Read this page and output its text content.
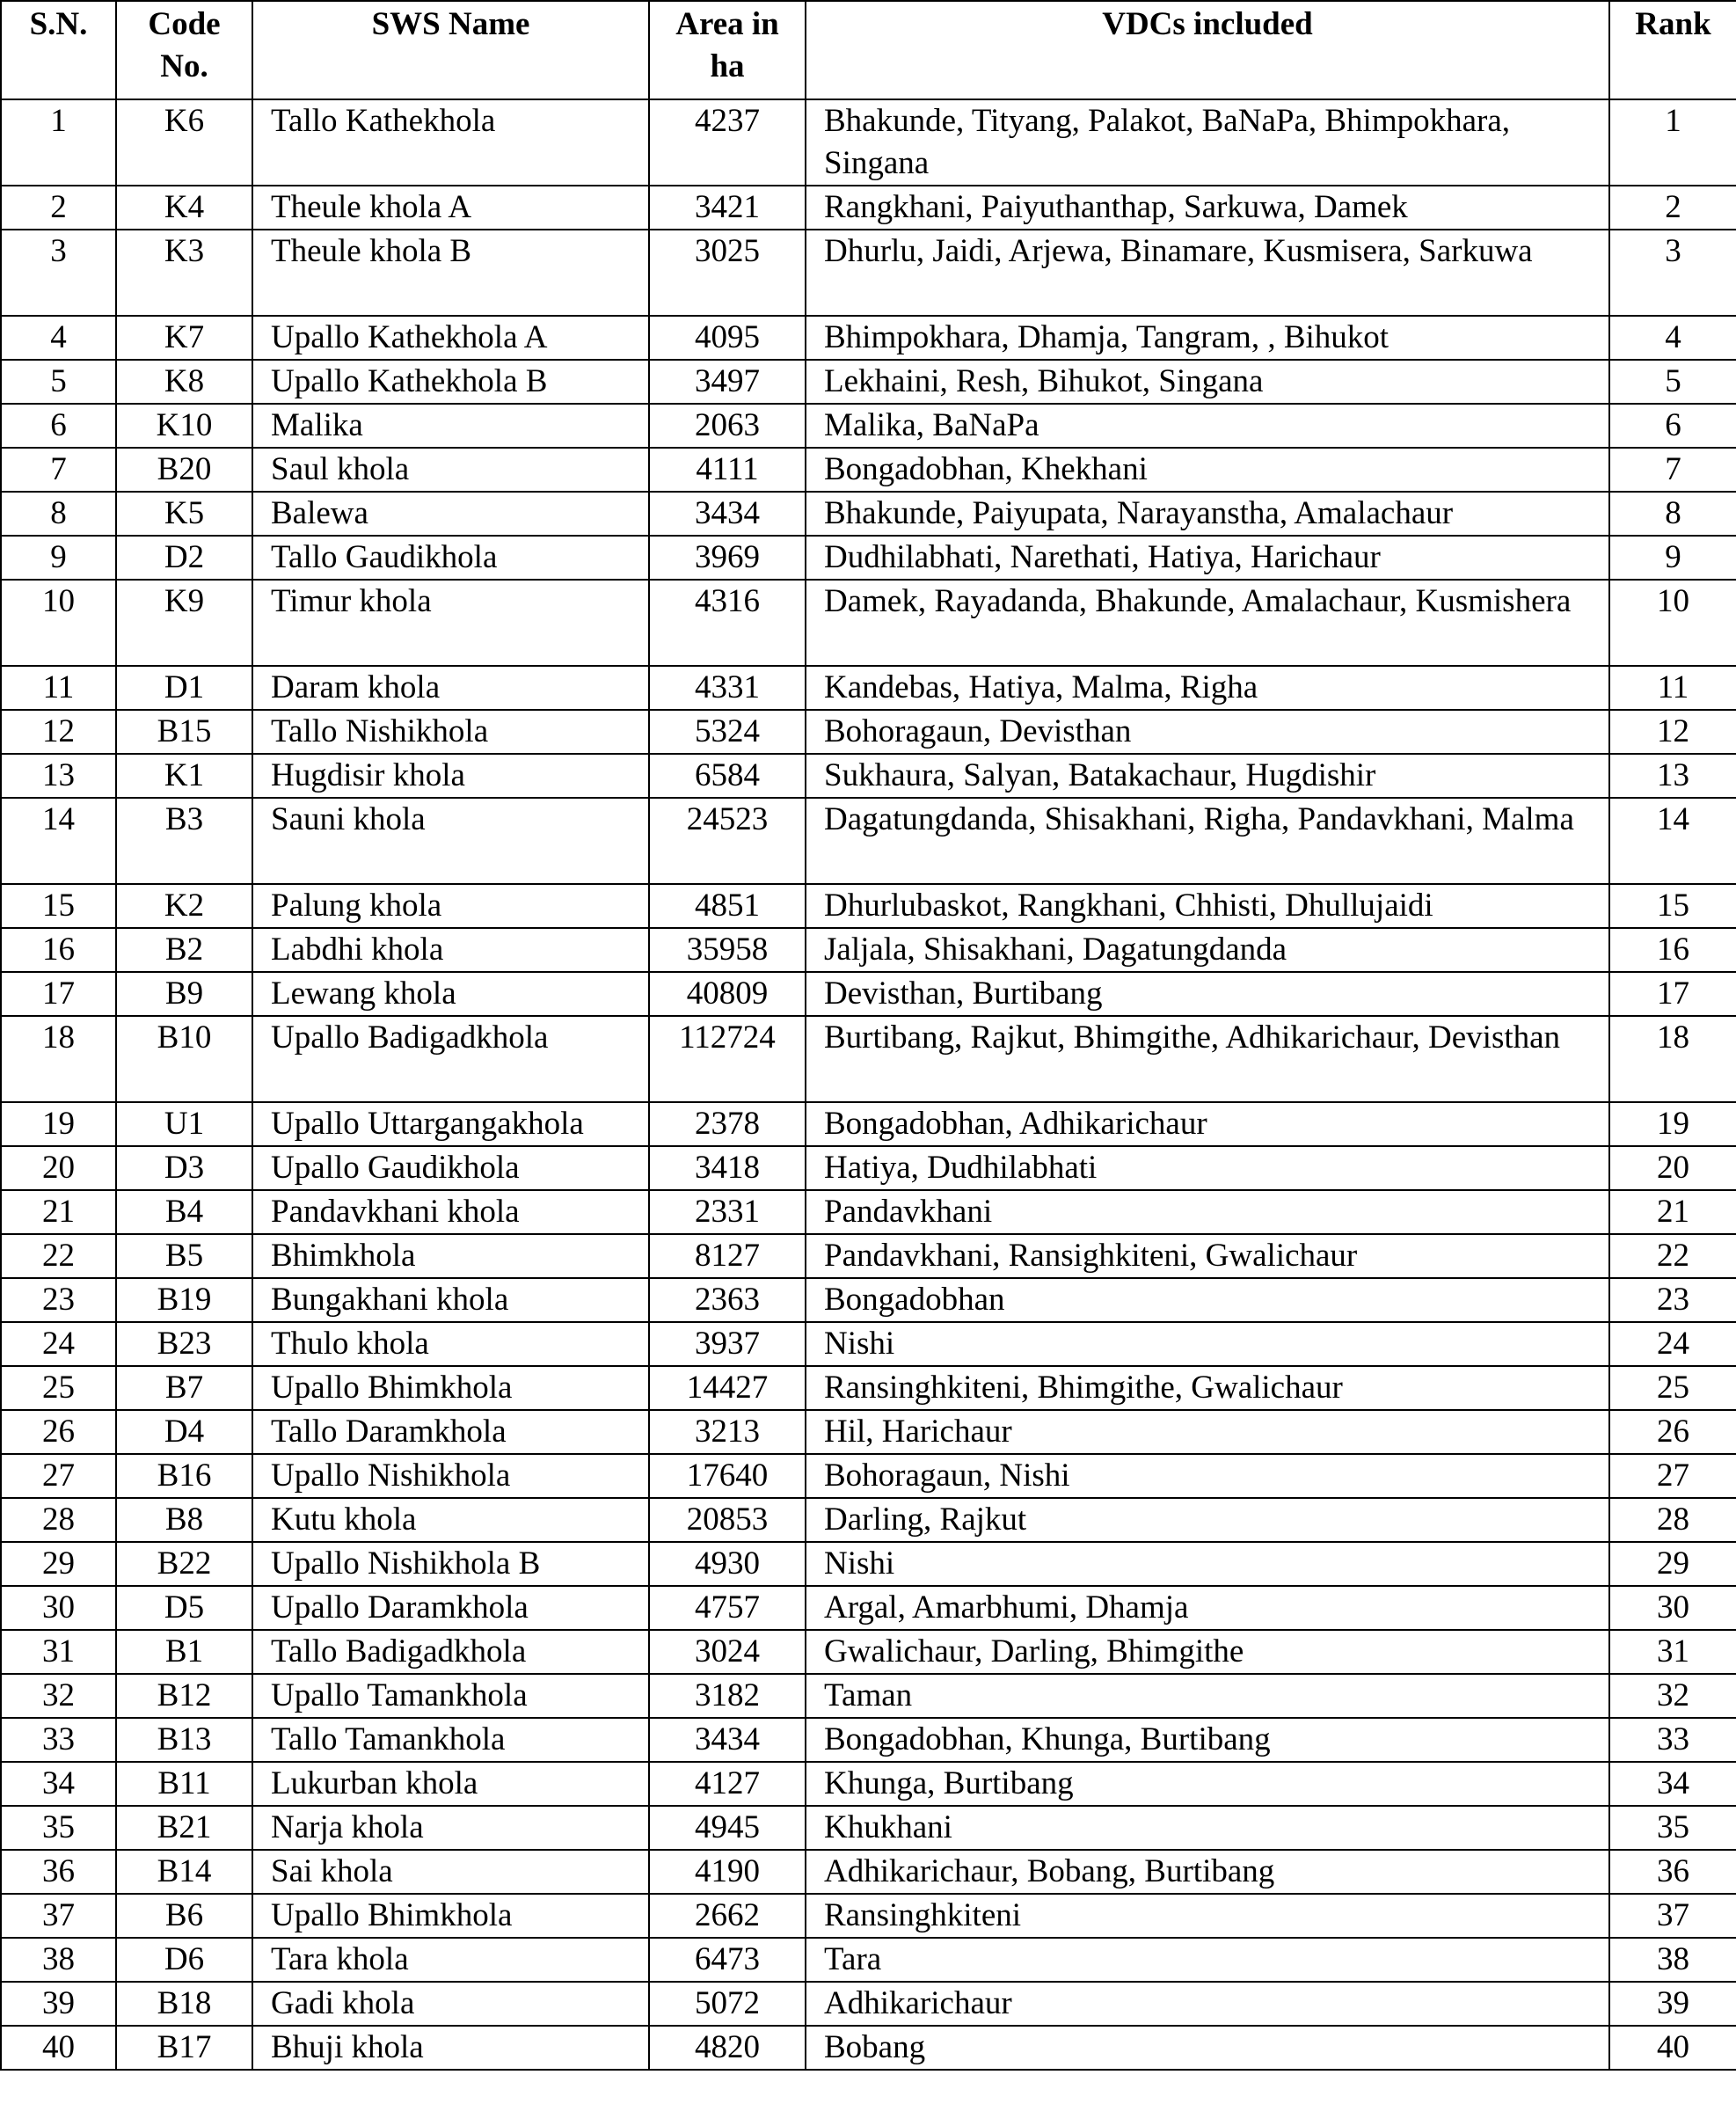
S.N.	Code No.	SWS Name	Area in ha	VDCs included	Rank
1	K6	Tallo Kathekhola	4237	Bhakunde, Tityang, Palakot, BaNaPa, Bhimpokhara, Singana	1
2	K4	Theule khola A	3421	Rangkhani, Paiyuthanthap, Sarkuwa, Damek	2
3	K3	Theule khola B	3025	Dhurlu, Jaidi, Arjewa, Binamare, Kusmisera, Sarkuwa	3
4	K7	Upallo Kathekhola A	4095	Bhimpokhara, Dhamja, Tangram, , Bihukot	4
5	K8	Upallo Kathekhola B	3497	Lekhaini, Resh, Bihukot, Singana	5
6	K10	Malika	2063	Malika, BaNaPa	6
7	B20	Saul khola	4111	Bongadobhan, Khekhani	7
8	K5	Balewa	3434	Bhakunde, Paiyupata, Narayanstha, Amalachaur	8
9	D2	Tallo Gaudikhola	3969	Dudhilabhati, Narethati, Hatiya, Harichaur	9
10	K9	Timur khola	4316	Damek, Rayadanda, Bhakunde, Amalachaur, Kusmishera	10
11	D1	Daram khola	4331	Kandebas, Hatiya, Malma, Righa	11
12	B15	Tallo Nishikhola	5324	Bohoragaun, Devisthan	12
13	K1	Hugdisir khola	6584	Sukhaura, Salyan, Batakachaur, Hugdishir	13
14	B3	Sauni khola	24523	Dagatungdanda, Shisakhani, Righa, Pandavkhani, Malma	14
15	K2	Palung khola	4851	Dhurlubaskot, Rangkhani, Chhisti, Dhullujaidi	15
16	B2	Labdhi khola	35958	Jaljala, Shisakhani, Dagatungdanda	16
17	B9	Lewang khola	40809	Devisthan, Burtibang	17
18	B10	Upallo Badigadkhola	112724	Burtibang, Rajkut, Bhimgithe, Adhikarichaur, Devisthan	18
19	U1	Upallo Uttargangakhola	2378	Bongadobhan, Adhikarichaur	19
20	D3	Upallo Gaudikhola	3418	Hatiya, Dudhilabhati	20
21	B4	Pandavkhani khola	2331	Pandavkhani	21
22	B5	Bhimkhola	8127	Pandavkhani, Ransighkiteni, Gwalichaur	22
23	B19	Bungakhani khola	2363	Bongadobhan	23
24	B23	Thulo khola	3937	Nishi	24
25	B7	Upallo Bhimkhola	14427	Ransinghkiteni, Bhimgithe, Gwalichaur	25
26	D4	Tallo Daramkhola	3213	Hil, Harichaur	26
27	B16	Upallo Nishikhola	17640	Bohoragaun, Nishi	27
28	B8	Kutu khola	20853	Darling, Rajkut	28
29	B22	Upallo Nishikhola B	4930	Nishi	29
30	D5	Upallo Daramkhola	4757	Argal, Amarbhumi, Dhamja	30
31	B1	Tallo Badigadkhola	3024	Gwalichaur, Darling, Bhimgithe	31
32	B12	Upallo Tamankhola	3182	Taman	32
33	B13	Tallo Tamankhola	3434	Bongadobhan, Khunga, Burtibang	33
34	B11	Lukurban khola	4127	Khunga, Burtibang	34
35	B21	Narja khola	4945	Khukhani	35
36	B14	Sai khola	4190	Adhikarichaur, Bobang, Burtibang	36
37	B6	Upallo Bhimkhola	2662	Ransinghkiteni	37
38	D6	Tara khola	6473	Tara	38
39	B18	Gadi khola	5072	Adhikarichaur	39
40	B17	Bhuji khola	4820	Bobang	40
